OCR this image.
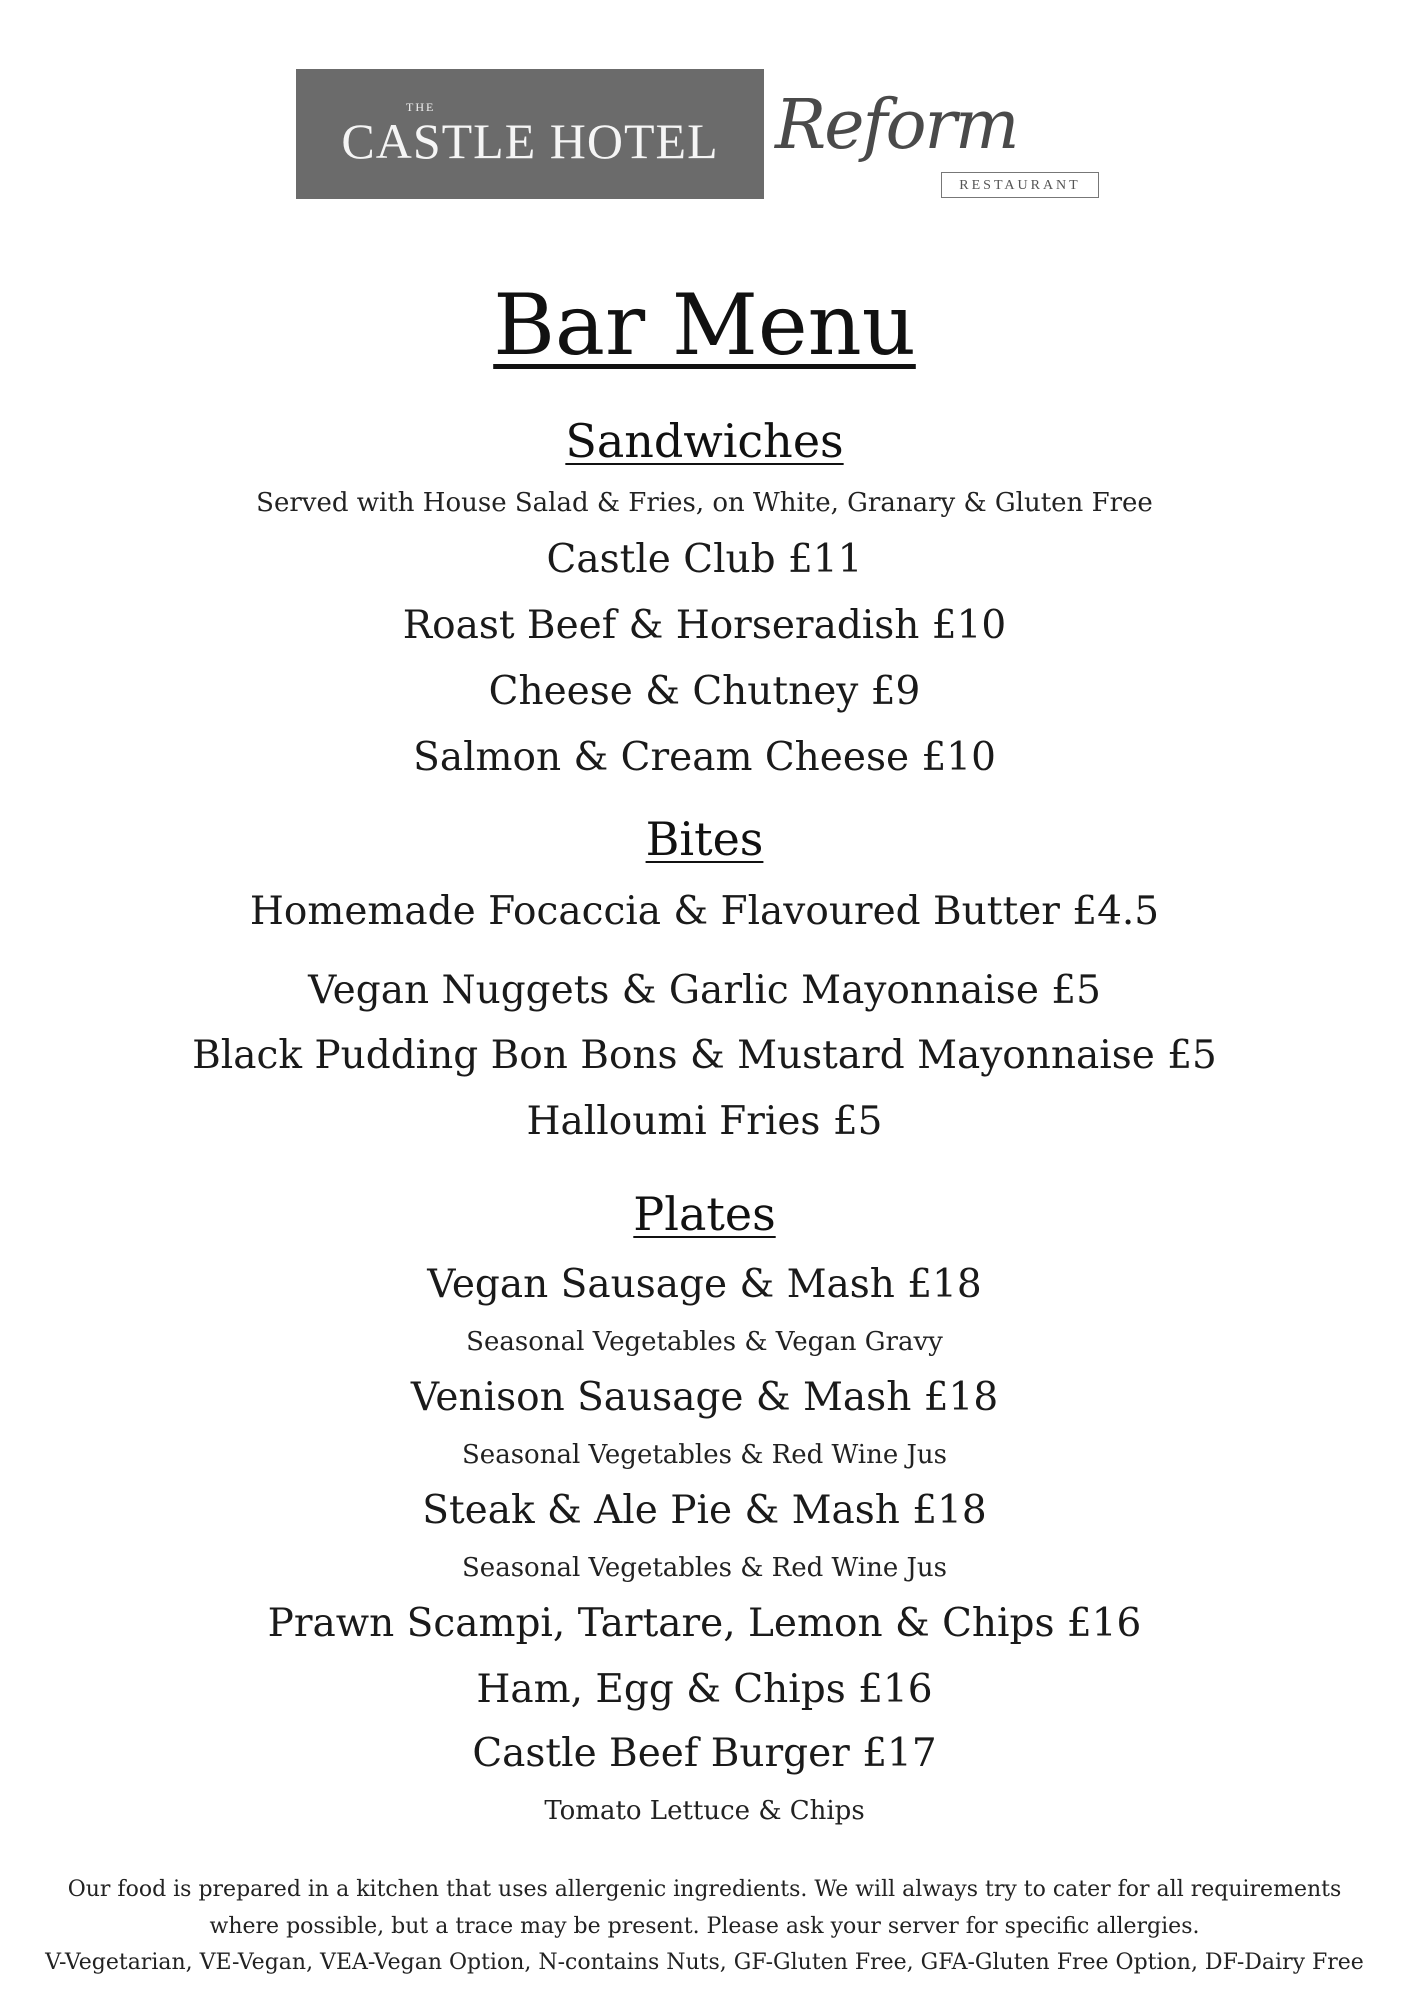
THE
CASTLE HOTEL Reform
RESTAURANT
Bar Menu
Sandwiches
Served with House Salad & Fries, on White, Granary & Gluten Free
Castle Club £11
Roast Beef & Horseradish £10
Cheese & Chutney £9
Salmon & Cream Cheese £10
Bites
Homemade Focaccia & Flavoured Butter £4.5
Vegan Nuggets & Garlic Mayonnaise £5
Black Pudding Bon Bons & Mustard Mayonnaise £5
Halloumi Fries £5
Plates
Vegan Sausage & Mash £18
Seasonal Vegetables & Vegan Gravy
Venison Sausage & Mash £18
Seasonal Vegetables & Red Wine Jus
Steak & Ale Pie & Mash £18
Seasonal Vegetables & Red Wine Jus
Prawn Scampi, Tartare, Lemon & Chips £16
Ham, Egg & Chips £16
Castle Beef Burger £17
Tomato Lettuce & Chips
Our food is prepared in a kitchen that uses allergenic ingredients. We will always try to cater for all requirements
where possible, but a trace may be present. Please ask your server for specific allergies.
V-Vegetarian, VE-Vegan, VEA-Vegan Option, N-contains Nuts, GF-Gluten Free, GFA-Gluten Free Option, DF-Dairy Free
